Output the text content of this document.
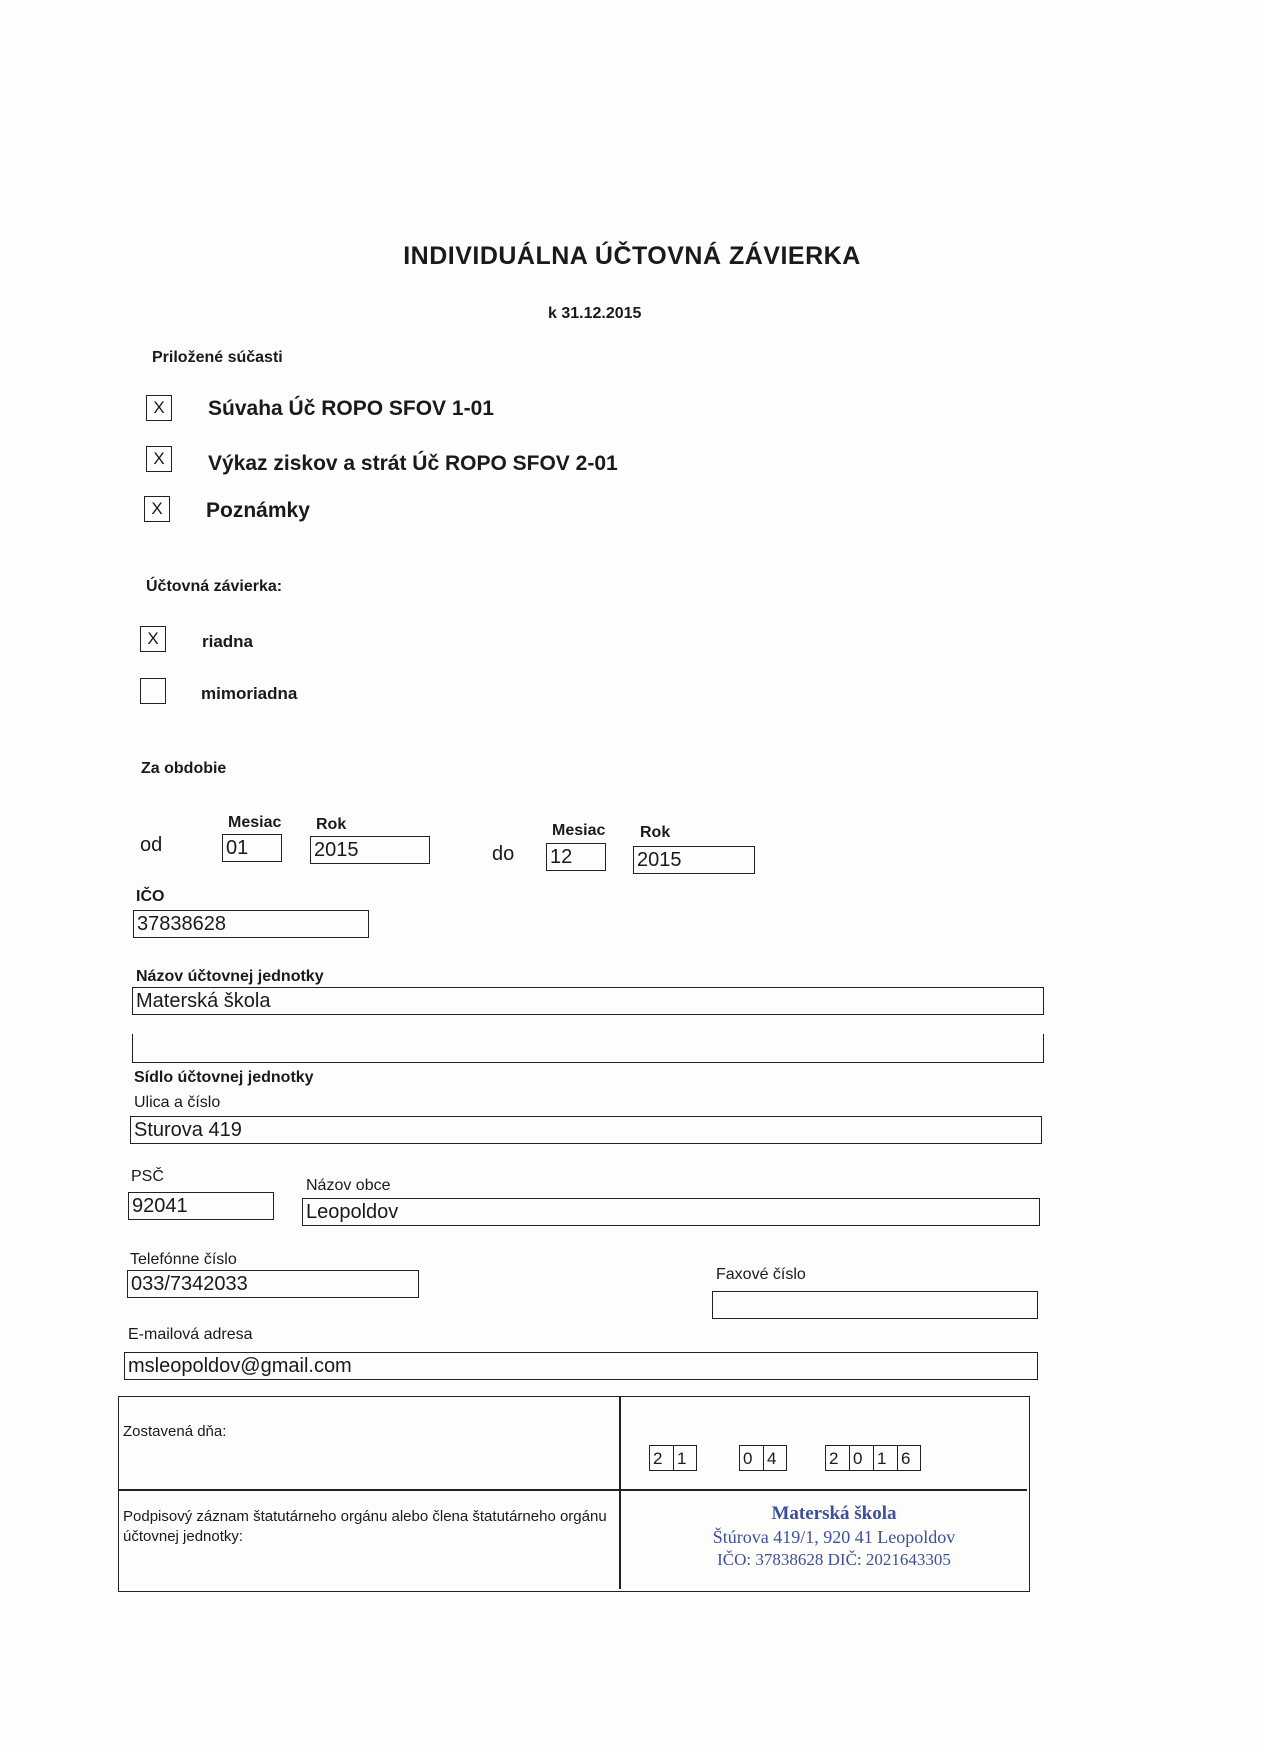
INDIVIDUÁLNA ÚČTOVNÁ ZÁVIERKA
k 31.12.2015
Priložené súčasti
X	Súvaha Úč ROPO SFOV 1-01
X	Výkaz ziskov a strát Úč ROPO SFOV 2-01
X	Poznámky
Účtovná závierka:
X	riadna
mimoriadna
Za obdobie
Mesiac Rok
od	01	2015
Mesiac Rok
do 12	2015
IČO
37838628
Názov účtovnej jednotky
Materská škola
Sídlo účtovnej jednotky
Ulica a číslo
Sturova 419
PSČ
92041
Názov obce
Leopoldov
Telefónne číslo
033/7342033	Faxové číslo
E-mailová adresa
msleopoldov@gmail.com
Zostavená dňa:
2 1	0 4	2 0 1 6
Podpisový záznam štatutárneho orgánu alebo člena štatutárneho orgánu účtovnej jednotky:
Materská škola
Štúrova 419/1, 920 41 Leopoldov
IČO: 37838628 DIČ: 2021643305
